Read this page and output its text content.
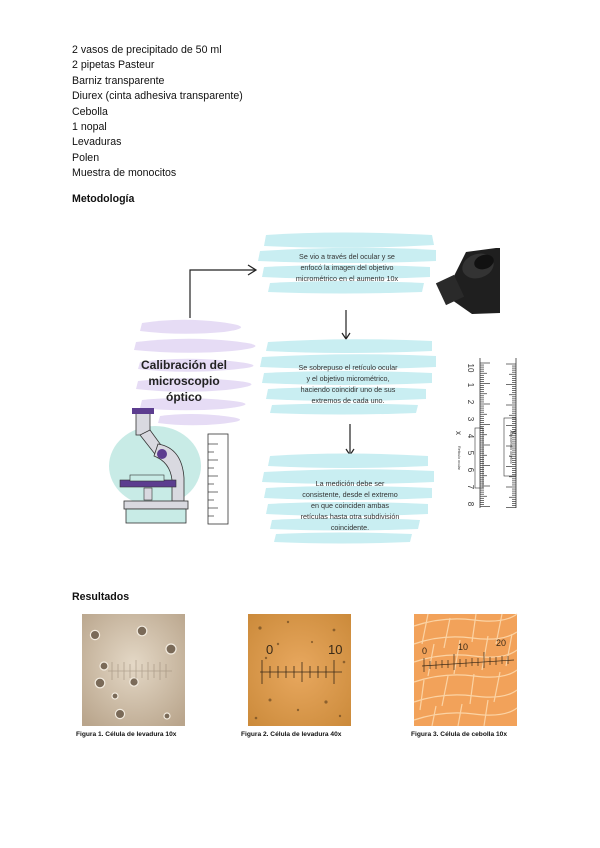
2 vasos de precipitado de 50 ml
2 pipetas Pasteur
Barniz transparente
Diurex (cinta adhesiva transparente)
Cebolla
1 nopal
Levaduras
Polen
Muestra de monocitos
Metodología
Calibración del
microscopio
óptico
Se vio a través del ocular y se
enfocó la imagen del objetivo
micrométrico en el aumento 10x
Se sobrepuso el retículo ocular
y el objetivo micrométrico,
haciendo coincidir uno de sus
extremos de cada uno.
La medición debe ser
consistente, desde el extremo
en que coinciden ambas
retículas hasta otra subdivisión
coincidente.
10
1
2
3
4
5
6
7
8
x	y
Reticulo ocular	Micrometro objetivo
Resultados
Figura 1. Célula de levadura 10x
0	10
Figura 2. Célula de levadura 40x
0	10	20
Figura 3. Célula de cebolla 10x
